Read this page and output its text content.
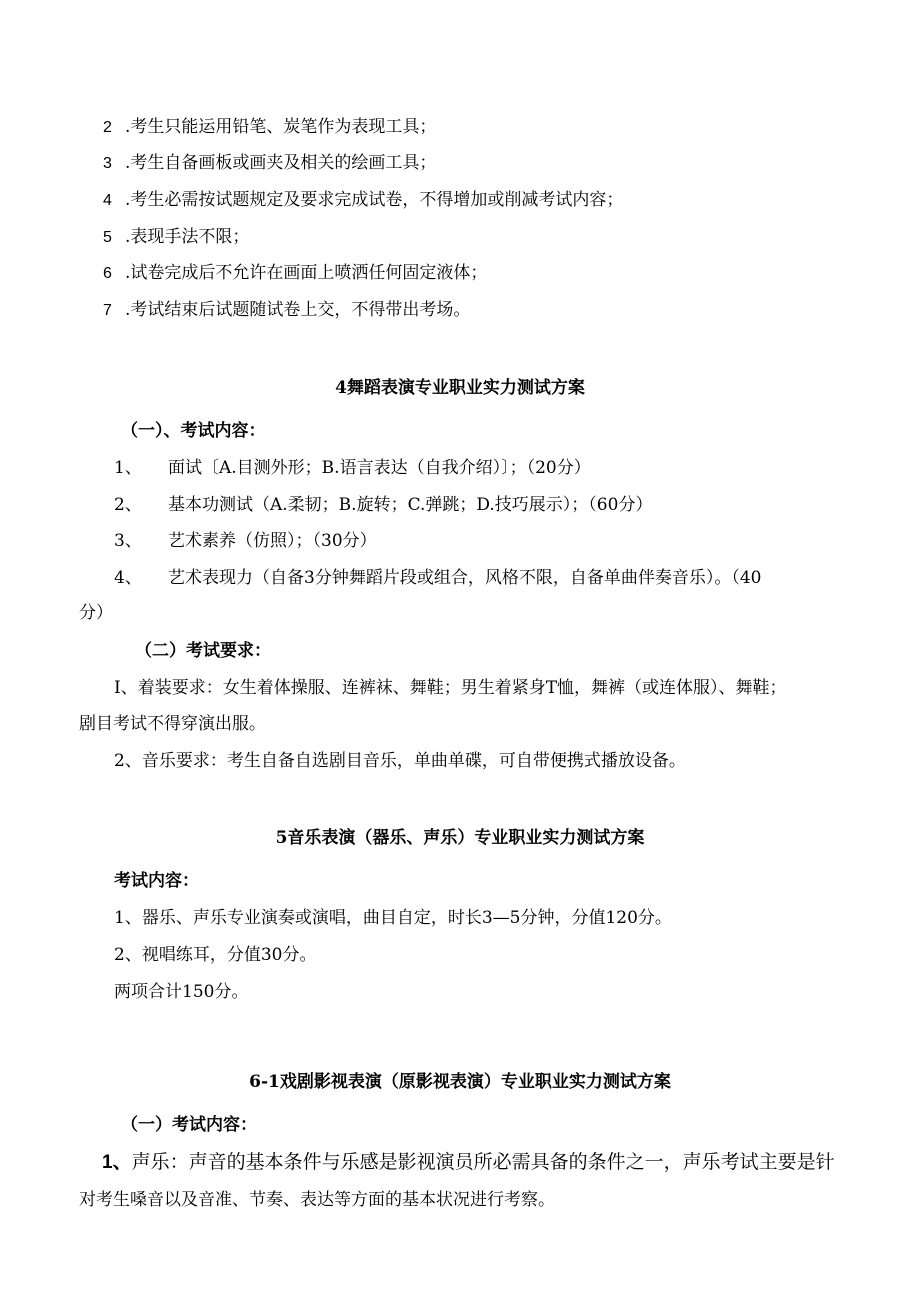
2 .考生只能运用铅笔、炭笔作为表现工具；
3 .考生自备画板或画夹及相关的绘画工具；
4 .考生必需按试题规定及要求完成试卷，不得增加或削减考试内容；
5 .表现手法不限；
6 .试卷完成后不允许在画面上喷洒任何固定液体；
7 .考试结束后试题随试卷上交，不得带出考场。
4舞蹈表演专业职业实力测试方案
（一）、考试内容：
1、 面试〔A.目测外形；B.语言表达（自我介绍）〕；（20分）
2、 基本功测试（A.柔韧；B.旋转；C.弹跳；D.技巧展示）；（60分）
3、 艺术素养（仿照）；（30分）
4、 艺术表现力（自备3分钟舞蹈片段或组合，风格不限，自备单曲伴奏音乐）。（40
分）
（二）考试要求：
I、着装要求：女生着体操服、连裤袜、舞鞋；男生着紧身T恤，舞裤（或连体服）、舞鞋；
剧目考试不得穿演出服。
2、音乐要求：考生自备自选剧目音乐，单曲单碟，可自带便携式播放设备。
5音乐表演（器乐、声乐）专业职业实力测试方案
考试内容：
1、器乐、声乐专业演奏或演唱，曲目自定，时长3—5分钟，分值120分。
2、视唱练耳，分值30分。
两项合计150分。
6-1戏剧影视表演（原影视表演）专业职业实力测试方案
（一）考试内容：
1、声乐：声音的基本条件与乐感是影视演员所必需具备的条件之一，声乐考试主要是针
对考生嗓音以及音准、节奏、表达等方面的基本状况进行考察。
